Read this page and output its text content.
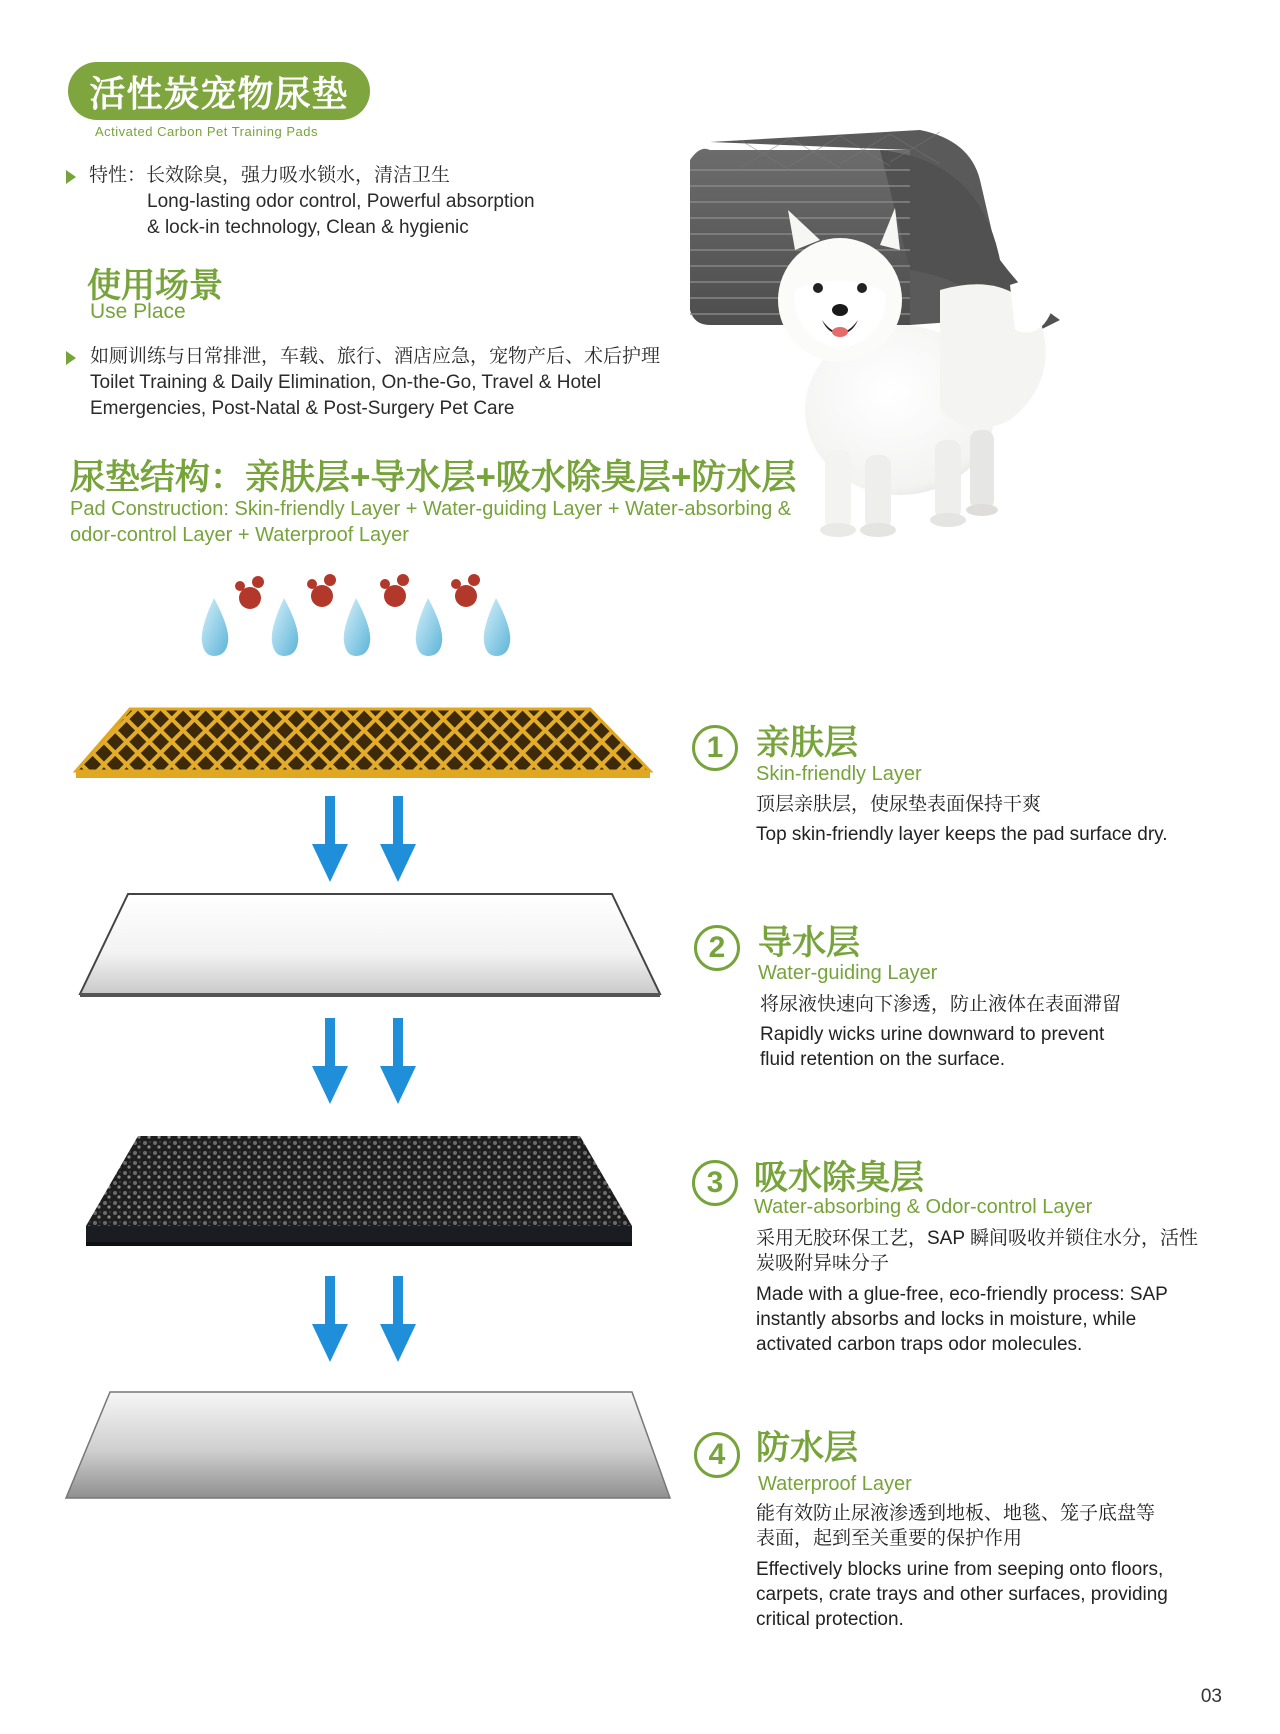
活性炭宠物尿垫
Activated Carbon Pet Training Pads
特性：长效除臭，强力吸水锁水，清洁卫生
Long-lasting odor control, Powerful absorption
& lock-in technology, Clean & hygienic
使用场景
Use Place
如厕训练与日常排泄，车载、旅行、酒店应急，宠物产后、术后护理
Toilet Training & Daily Elimination, On-the-Go, Travel & Hotel
Emergencies, Post-Natal & Post-Surgery Pet Care
尿垫结构：亲肤层+导水层+吸水除臭层+防水层
Pad Construction: Skin-friendly Layer + Water-guiding Layer + Water-absorbing &
odor-control Layer + Waterproof Layer
1 亲肤层
Skin-friendly Layer
顶层亲肤层，使尿垫表面保持干爽
Top skin-friendly layer keeps the pad surface dry.
2 导水层
Water-guiding Layer
将尿液快速向下渗透，防止液体在表面滞留
Rapidly wicks urine downward to prevent
fluid retention on the surface.
3 吸水除臭层
Water-absorbing & Odor-control Layer
采用无胶环保工艺，SAP 瞬间吸收并锁住水分，活性
炭吸附异味分子
Made with a glue-free, eco-friendly process: SAP
instantly absorbs and locks in moisture, while
activated carbon traps odor molecules.
4 防水层
Waterproof Layer
能有效防止尿液渗透到地板、地毯、笼子底盘等
表面，起到至关重要的保护作用
Effectively blocks urine from seeping onto floors,
carpets, crate trays and other surfaces, providing
critical protection.
03
